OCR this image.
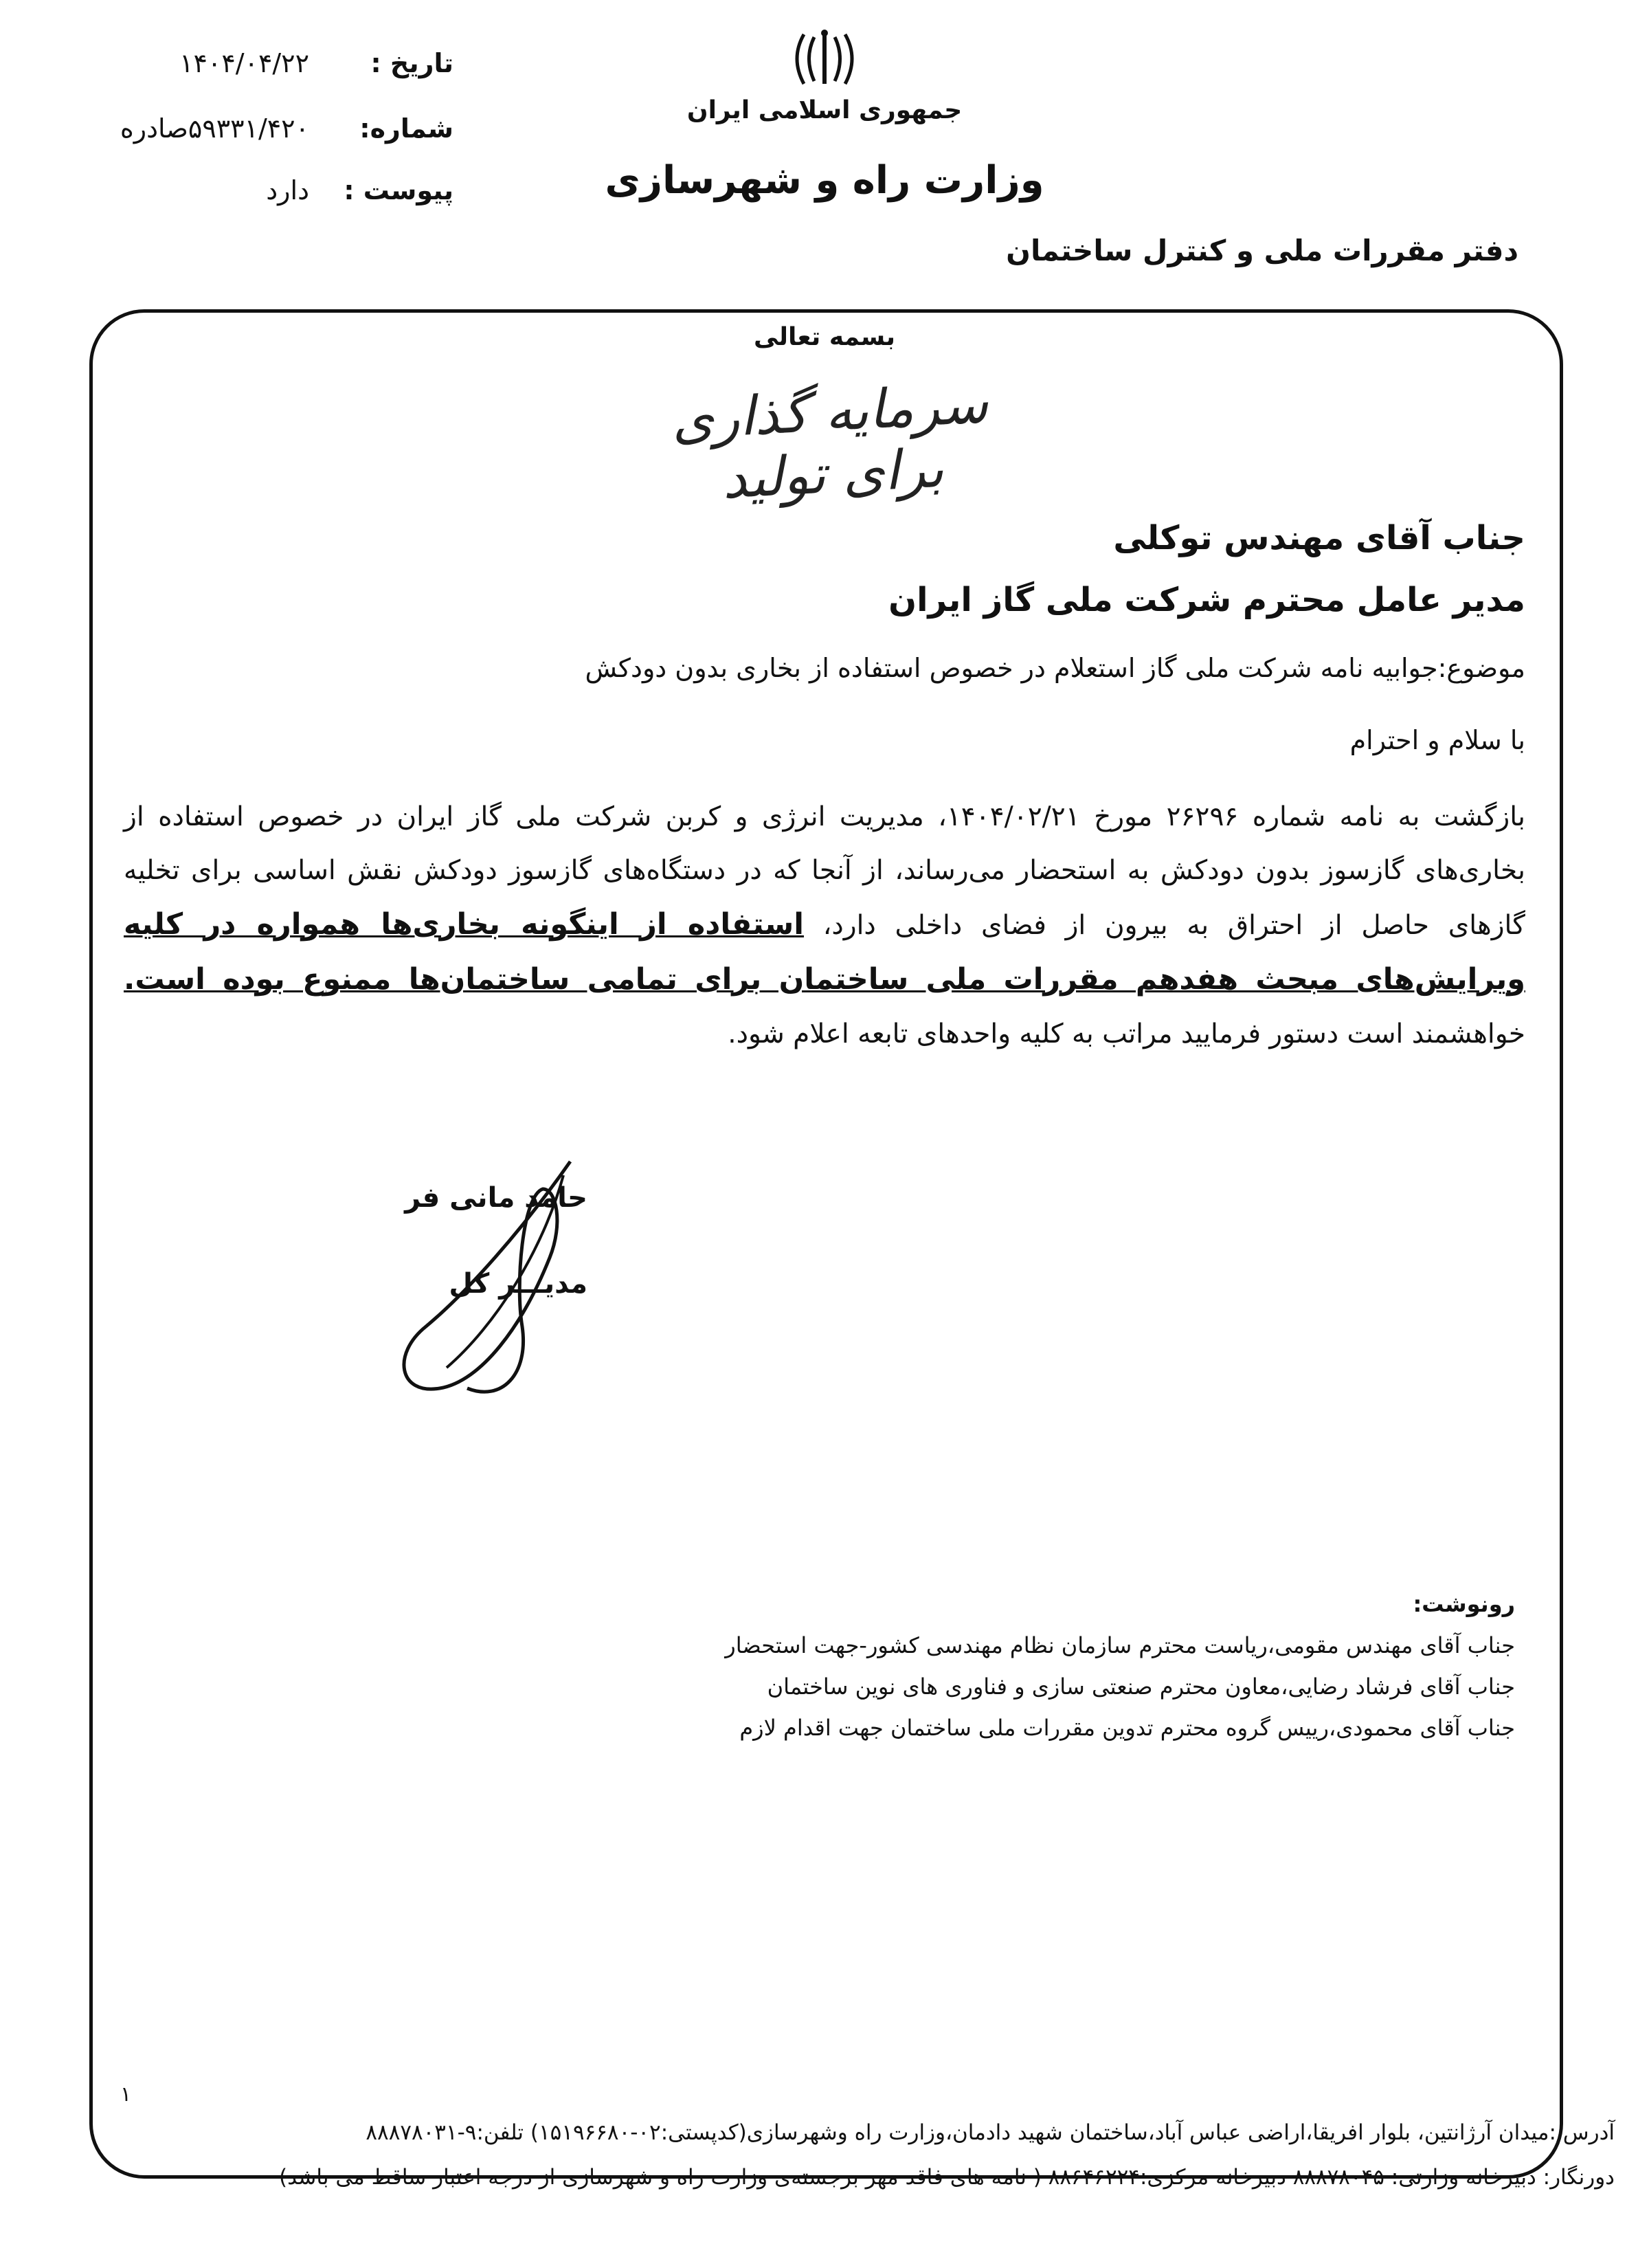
تاریخ :
۱۴۰۴/۰۴/۲۲
شماره:
۵۹۳۳۱/۴۲۰صادره
پیوست :
دارد
جمهوری اسلامی ایران
وزارت راه و شهرسازی
دفتر مقررات ملی و کنترل ساختمان
بسمه تعالی
سرمایه گذاری برای تولید
جناب آقای مهندس توکلی
مدیر عامل محترم شرکت ملی گاز ایران
موضوع:جوابیه نامه شرکت ملی گاز استعلام در خصوص استفاده از بخاری بدون دودکش
با سلام و احترام
بازگشت به نامه شماره ۲۶۲۹۶ مورخ ۱۴۰۴/۰۲/۲۱، مدیریت انرژی و کربن شرکت ملی گاز ایران در خصوص استفاده از بخاری‌های گازسوز بدون دودکش به استحضار می‌رساند، از آنجا که در دستگاه‌های گازسوز دودکش نقش اساسی برای تخلیه گازهای حاصل از احتراق به بیرون از فضای داخلی دارد، استفاده از اینگونه بخاری‌ها همواره در کلیه ویرایش‌های مبحث هفدهم مقررات ملی ساختمان برای تمامی ساختمان‌ها ممنوع بوده است. خواهشمند است دستور فرمایید مراتب به کلیه واحدهای تابعه اعلام شود.
حامد مانی فر
مدیـــر کل
رونوشت:
جناب آقای مهندس مقومی،ریاست محترم سازمان نظام مهندسی کشور-جهت استحضار
جناب آقای فرشاد رضایی،معاون محترم صنعتی سازی و فناوری های نوین ساختمان
جناب آقای محمودی،رییس گروه محترم تدوین مقررات ملی ساختمان جهت اقدام لازم
۱
آدرس :میدان آرژانتین، بلوار افریقا،اراضی عباس آباد،ساختمان شهید دادمان،وزارت راه وشهرسازی(کدپستی:۰۲-۱۵۱۹۶۶۸۰) تلفن:۹-۸۸۸۷۸۰۳۱
دورنگار: دبیرخانه وزارتی: ۸۸۸۷۸۰۴۵ دبیرخانه مرکزی:۸۸۶۴۶۲۲۴ ( نامه های فاقد مهر برجسته‌ی وزارت راه و شهرسازی از درجه اعتبار ساقط می باشد)
